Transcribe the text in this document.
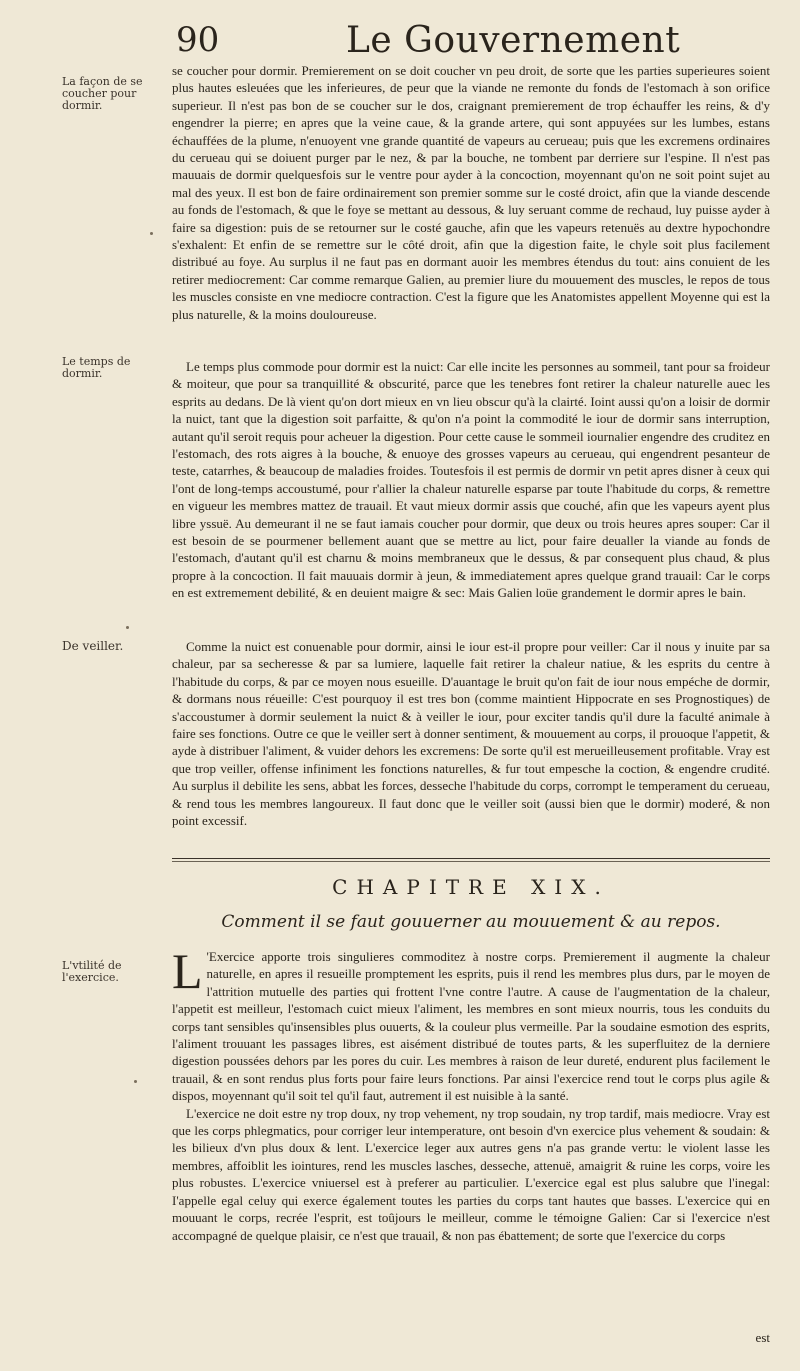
90	Le Gouvernement
La façon de se coucher pour dormir.
Le temps de dormir.
De veiller.
L'vtilité de l'exercice.

se coucher pour dormir. Premierement on se doit coucher vn peu droit, de sorte que les parties superieures soient plus hautes esleuées que les inferieures, de peur que la viande ne remonte du fonds de l'estomach à son orifice superieur. Il n'est pas bon de se coucher sur le dos, craignant premierement de trop échauffer les reins, & d'y engendrer la pierre; en apres que la veine caue, & la grande artere, qui sont appuyées sur les lumbes, estans échauffées de la plume, n'enuoyent vne grande quantité de vapeurs au cerueau; puis que les excremens ordinaires du cerueau qui se doiuent purger par le nez, & par la bouche, ne tombent par derriere sur l'espine. Il n'est pas mauuais de dormir quelquesfois sur le ventre pour ayder à la concoction, moyennant qu'on ne soit point sujet au mal des yeux. Il est bon de faire ordinairement son premier somme sur le costé droict, afin que la viande descende au fonds de l'estomach, & que le foye se mettant au dessous, & luy seruant comme de rechaud, luy puisse ayder à faire sa digestion: puis de se retourner sur le costé gauche, afin que les vapeurs retenuës au dextre hypochondre s'exhalent: Et enfin de se remettre sur le côté droit, afin que la digestion faite, le chyle soit plus facilement distribué au foye. Au surplus il ne faut pas en dormant auoir les membres étendus du tout: ains conuient de les retirer mediocrement: Car comme remarque Galien, au premier liure du mouuement des muscles, le repos de tous les muscles consiste en vne mediocre contraction. C'est la figure que les Anatomistes appellent Moyenne qui est la plus naturelle, & la moins douloureuse.

Le temps plus commode pour dormir est la nuict: Car elle incite les personnes au sommeil, tant pour sa froideur & moiteur, que pour sa tranquillité & obscurité, parce que les tenebres font retirer la chaleur naturelle auec les esprits au dedans. De là vient qu'on dort mieux en vn lieu obscur qu'à la clairté. Ioint aussi qu'on a loisir de dormir la nuict, tant que la digestion soit parfaitte, & qu'on n'a point la commodité le iour de dormir sans interruption, autant qu'il seroit requis pour acheuer la digestion. Pour cette cause le sommeil iournalier engendre des cruditez en l'estomach, des rots aigres à la bouche, & enuoye des grosses vapeurs au cerueau, qui engendrent pesanteur de teste, catarrhes, & beaucoup de maladies froides. Toutesfois il est permis de dormir vn petit apres disner à ceux qui l'ont de long-temps accoustumé, pour r'allier la chaleur naturelle esparse par toute l'habitude du corps, & remettre en vigueur les membres mattez de trauail. Et vaut mieux dormir assis que couché, afin que les vapeurs ayent plus libre yssuë. Au demeurant il ne se faut iamais coucher pour dormir, que deux ou trois heures apres souper: Car il est besoin de se pourmener bellement auant que se mettre au lict, pour faire deualler la viande au fonds de l'estomach, d'autant qu'il est charnu & moins membraneux que le dessus, & par consequent plus chaud, & plus propre à la concoction. Il fait mauuais dormir à jeun, & immediatement apres quelque grand trauail: Car le corps en est extremement debilité, & en deuient maigre & sec: Mais Galien loüe grandement le dormir apres le bain.

Comme la nuict est conuenable pour dormir, ainsi le iour est-il propre pour veiller: Car il nous y inuite par sa chaleur, par sa secheresse & par sa lumiere, laquelle fait retirer la chaleur natiue, & les esprits du centre à l'habitude du corps, & par ce moyen nous esueille. D'auantage le bruit qu'on fait de iour nous empéche de dormir, & dormans nous réueille: C'est pourquoy il est tres bon (comme maintient Hippocrate en ses Prognostiques) de s'accoustumer à dormir seulement la nuict & à veiller le iour, pour exciter tandis qu'il dure la faculté animale à faire ses fonctions. Outre ce que le veiller sert à donner sentiment, & mouuement au corps, il prouoque l'appetit, & ayde à distribuer l'aliment, & vuider dehors les excremens: De sorte qu'il est merueilleusement profitable. Vray est que trop veiller, offense infiniment les fonctions naturelles, & fur tout empesche la coction, & engendre crudité. Au surplus il debilite les sens, abbat les forces, desseche l'habitude du corps, corrompt le temperament du cerueau, & rend tous les membres langoureux. Il faut donc que le veiller soit (aussi bien que le dormir) moderé, & non point excessif.

CHAPITRE XIX.
Comment il se faut gouuerner au mouuement & au repos.

L 'Exercice apporte trois singulieres commoditez à nostre corps. Premierement il augmente la chaleur naturelle, en apres il resueille promptement les esprits, puis il rend les membres plus durs, par le moyen de l'attrition mutuelle des parties qui frottent l'vne contre l'autre. A cause de l'augmentation de la chaleur, l'appetit est meilleur, l'estomach cuict mieux l'aliment, les membres en sont mieux nourris, tous les conduits du corps tant sensibles qu'insensibles plus ouuerts, & la couleur plus vermeille. Par la soudaine esmotion des esprits, l'aliment trouuant les passages libres, est aisément distribué de toutes parts, & les superfluitez de la derniere digestion poussées dehors par les pores du cuir. Les membres à raison de leur dureté, endurent plus facilement le trauail, & en sont rendus plus forts pour faire leurs fonctions. Par ainsi l'exercice rend tout le corps plus agile & dispos, moyennant qu'il soit tel qu'il faut, autrement il est nuisible à la santé.

L'exercice ne doit estre ny trop doux, ny trop vehement, ny trop soudain, ny trop tardif, mais mediocre. Vray est que les corps phlegmatics, pour corriger leur intemperature, ont besoin d'vn exercice plus vehement & soudain: & les bilieux d'vn plus doux & lent. L'exercice leger aux autres gens n'a pas grande vertu: le violent lasse les membres, affoiblit les iointures, rend les muscles lasches, desseche, attenuë, amaigrit & ruine les corps, voire les plus robustes. L'exercice vniuersel est à preferer au particulier. L'exercice egal est plus salubre que l'inegal: I'appelle egal celuy qui exerce également toutes les parties du corps tant hautes que basses. L'exercice qui en mouuant le corps, recrée l'esprit, est toûjours le meilleur, comme le témoigne Galien: Car si l'exercice n'est accompagné de quelque plaisir, ce n'est que trauail, & non pas ébattement; de sorte que l'exercice du corps

est
